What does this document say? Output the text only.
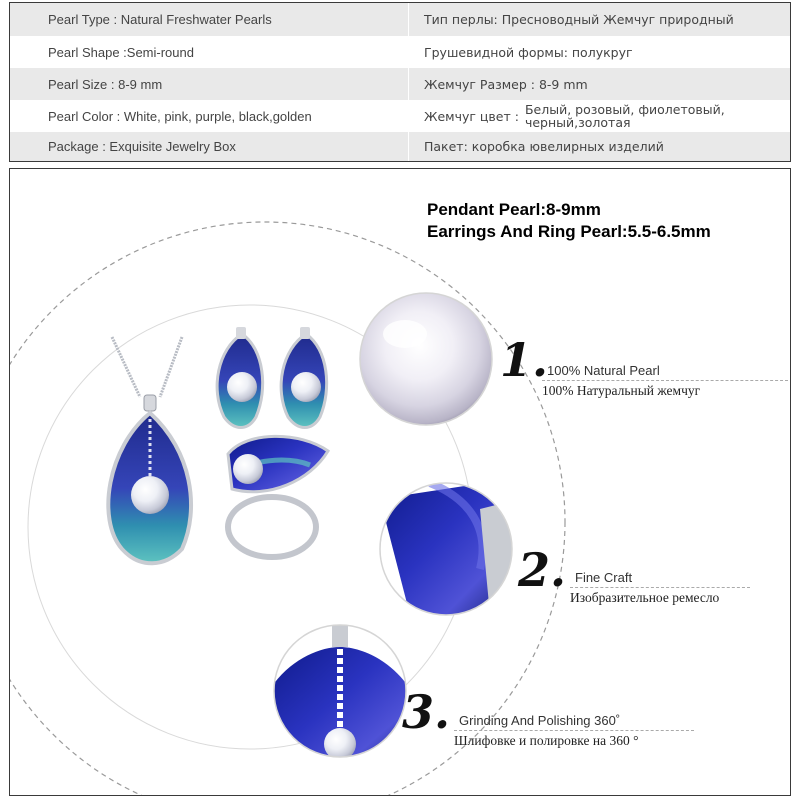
Pearl Type : Natural Freshwater Pearls	Тип перлы: Пресноводный Жемчуг природный
Pearl Shape :Semi-round	Грушевидной формы: полукруг
Pearl Size : 8-9 mm	Жемчуг Размер : 8-9 mm
Pearl Color : White, pink, purple, black,golden	Жемчуг цвет : Белый, розовый, фиолетовый,
черный,золотая
Package : Exquisite Jewelry Box	Пакет: коробка ювелирных изделий
Pendant Pearl:8-9mm
Earrings And Ring Pearl:5.5-6.5mm
1.
100% Natural Pearl
100% Натуральный жемчуг
2. Fine Craft
Изобразительное ремесло
3. Grinding And Polishing 360˚
Шлифовке и полировке на 360 °
